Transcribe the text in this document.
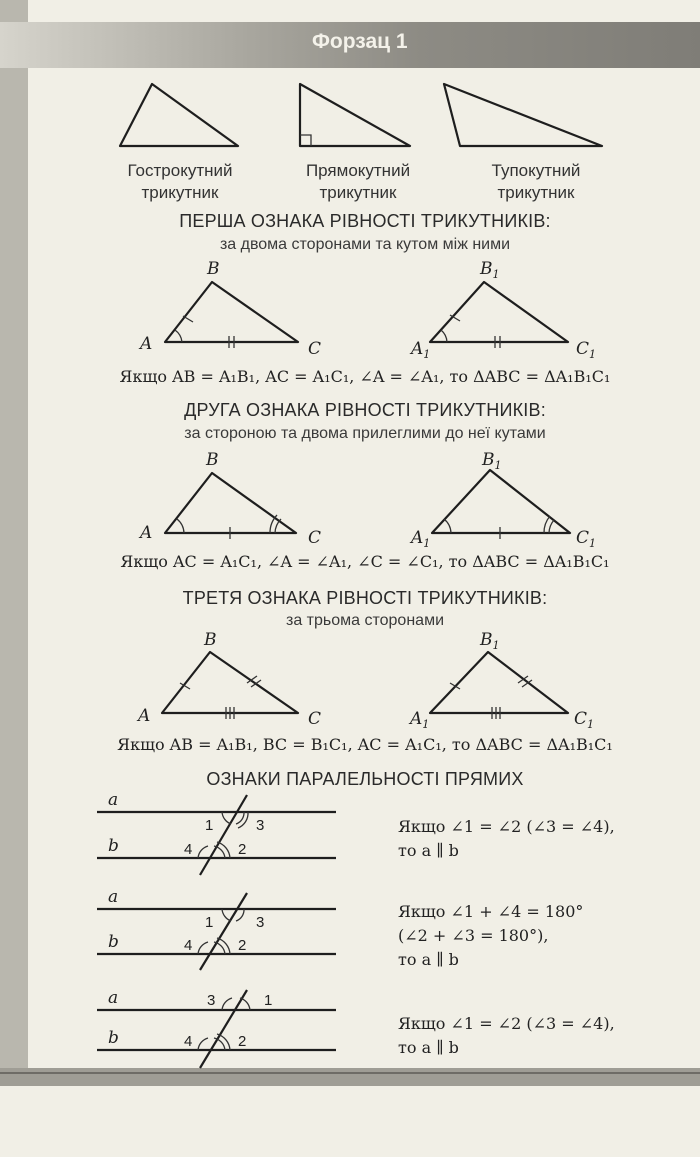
Форзац 1
Гострокутний
трикутник
Прямокутний
трикутник
Тупокутний
трикутник
ПЕРША ОЗНАКА РІВНОСТІ ТРИКУТНИКІВ:
за двома сторонами та кутом між ними
Якщо AB = A₁B₁, AC = A₁C₁, ∠A = ∠A₁, то ΔABC = ΔA₁B₁C₁
ДРУГА ОЗНАКА РІВНОСТІ ТРИКУТНИКІВ:
за стороною та двома прилеглими до неї кутами
Якщо AC = A₁C₁, ∠A = ∠A₁, ∠C = ∠C₁, то ΔABC = ΔA₁B₁C₁
ТРЕТЯ ОЗНАКА РІВНОСТІ ТРИКУТНИКІВ:
за трьома сторонами
Якщо AB = A₁B₁, BC = B₁C₁, AC = A₁C₁, то ΔABC = ΔA₁B₁C₁
ОЗНАКИ ПАРАЛЕЛЬНОСТІ ПРЯМИХ
Якщо ∠1 = ∠2 (∠3 = ∠4),
то a ∥ b
Якщо ∠1 + ∠4 = 180°
(∠2 + ∠3 = 180°),
то a ∥ b
Якщо ∠1 = ∠2 (∠3 = ∠4),
то a ∥ b
B
A	C
$B_1$
$A_1$	$C_1$
B
A	C
$B_1$
$A_1$	$C_1$
B
A	C
$B_1$
$A_1$	$C_1$
a
b
1	3
4	2
a
b
1	3
4	2
a
b
3	1
4	2
